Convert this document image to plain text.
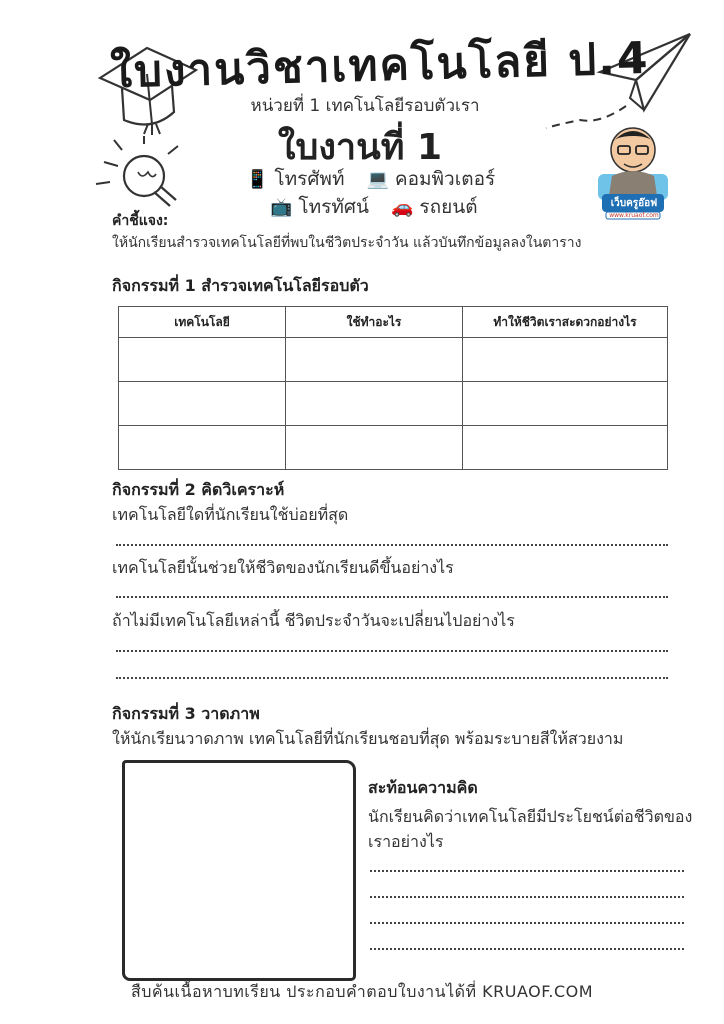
ใบงานวิชาเทคโนโลยี ป.4
หน่วยที่ 1 เทคโนโลยีรอบตัวเรา
ใบงานที่ 1
📱 โทรศัพท์ 💻 คอมพิวเตอร์
📺 โทรทัศน์ 🚗 รถยนต์	เว็บครูอ๊อฟ
www.kruaof.com
คำชี้แจง:
ให้นักเรียนสำรวจเทคโนโลยีที่พบในชีวิตประจำวัน แล้วบันทึกข้อมูลลงในตาราง
กิจกรรมที่ 1 สำรวจเทคโนโลยีรอบตัว
เทคโนโลยี	ใช้ทำอะไร	ทำให้ชีวิตเราสะดวกอย่างไร

กิจกรรมที่ 2 คิดวิเคราะห์
เทคโนโลยีใดที่นักเรียนใช้บ่อยที่สุด
เทคโนโลยีนั้นช่วยให้ชีวิตของนักเรียนดีขึ้นอย่างไร
ถ้าไม่มีเทคโนโลยีเหล่านี้ ชีวิตประจำวันจะเปลี่ยนไปอย่างไร
กิจกรรมที่ 3 วาดภาพ
ให้นักเรียนวาดภาพ เทคโนโลยีที่นักเรียนชอบที่สุด พร้อมระบายสีให้สวยงาม
สะท้อนความคิด
นักเรียนคิดว่าเทคโนโลยีมีประโยชน์ต่อชีวิตของเราอย่างไร
สืบค้นเนื้อหาบทเรียน ประกอบคำตอบใบงานได้ที่ KRUAOF.COM
